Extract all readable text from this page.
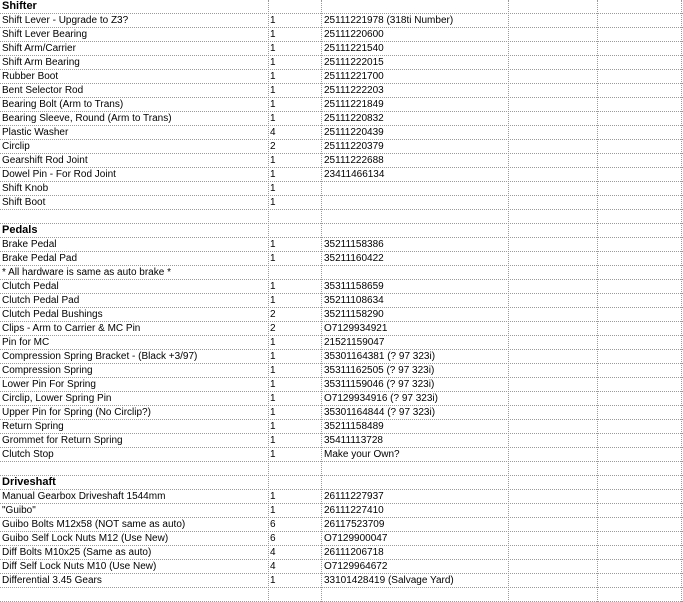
Shifter
Shift Lever - Upgrade to Z3?	1	25111221978 (318ti Number)
Shift Lever Bearing	1	25111220600
Shift Arm/Carrier	1	25111221540
Shift Arm Bearing	1	25111222015
Rubber Boot	1	25111221700
Bent Selector Rod	1	25111222203
Bearing Bolt (Arm to Trans)	1	25111221849
Bearing Sleeve, Round (Arm to Trans)	1	25111220832
Plastic Washer	4	25111220439
Circlip	2	25111220379
Gearshift Rod Joint	1	25111222688
Dowel Pin - For Rod Joint	1	23411466134
Shift Knob	1
Shift Boot	1
Pedals
Brake Pedal	1	35211158386
Brake Pedal Pad	1	35211160422
* All hardware is same as auto brake *
Clutch Pedal	1	35311158659
Clutch Pedal Pad	1	35211108634
Clutch Pedal Bushings	2	35211158290
Clips - Arm to Carrier & MC Pin	2	O7129934921
Pin for MC	1	21521159047
Compression Spring Bracket - (Black +3/97)	1	35301164381 (? 97 323i)
Compression Spring	1	35311162505 (? 97 323i)
Lower Pin For Spring	1	35311159046 (? 97 323i)
Circlip, Lower Spring Pin	1	O7129934916 (? 97 323i)
Upper Pin for Spring (No Circlip?)	1	35301164844 (? 97 323i)
Return Spring	1	35211158489
Grommet for Return Spring	1	35411113728
Clutch Stop	1	Make your Own?
Driveshaft
Manual Gearbox Driveshaft 1544mm	1	26111227937
"Guibo"	1	26111227410
Guibo Bolts M12x58 (NOT same as auto)	6	26117523709
Guibo Self Lock Nuts M12 (Use New)	6	O7129900047
Diff Bolts M10x25 (Same as auto)	4	26111206718
Diff Self Lock Nuts M10 (Use New)	4	O7129964672
Differential 3.45 Gears	1	33101428419 (Salvage Yard)
